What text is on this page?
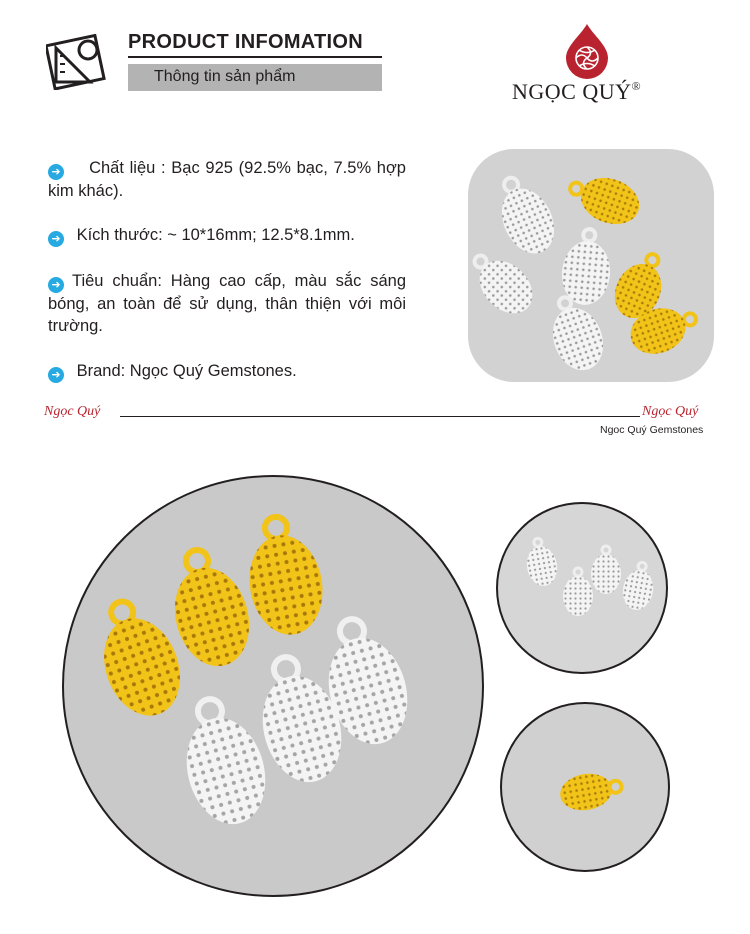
PRODUCT INFOMATION
Thông tin sản phẩm
NGỌC QUÝ®
➜ Chất liệu : Bạc 925 (92.5% bạc, 7.5% hợp kim khác).
➜ Kích thước: ~ 10*16mm; 12.5*8.1mm.
➜ Tiêu chuẩn: Hàng cao cấp, màu sắc sáng bóng, an toàn để sử dụng, thân thiện với môi trường.
➜ Brand: Ngọc Quý Gemstones.
Ngọc Quý	Ngọc Quý
Ngoc Quý Gemstones
